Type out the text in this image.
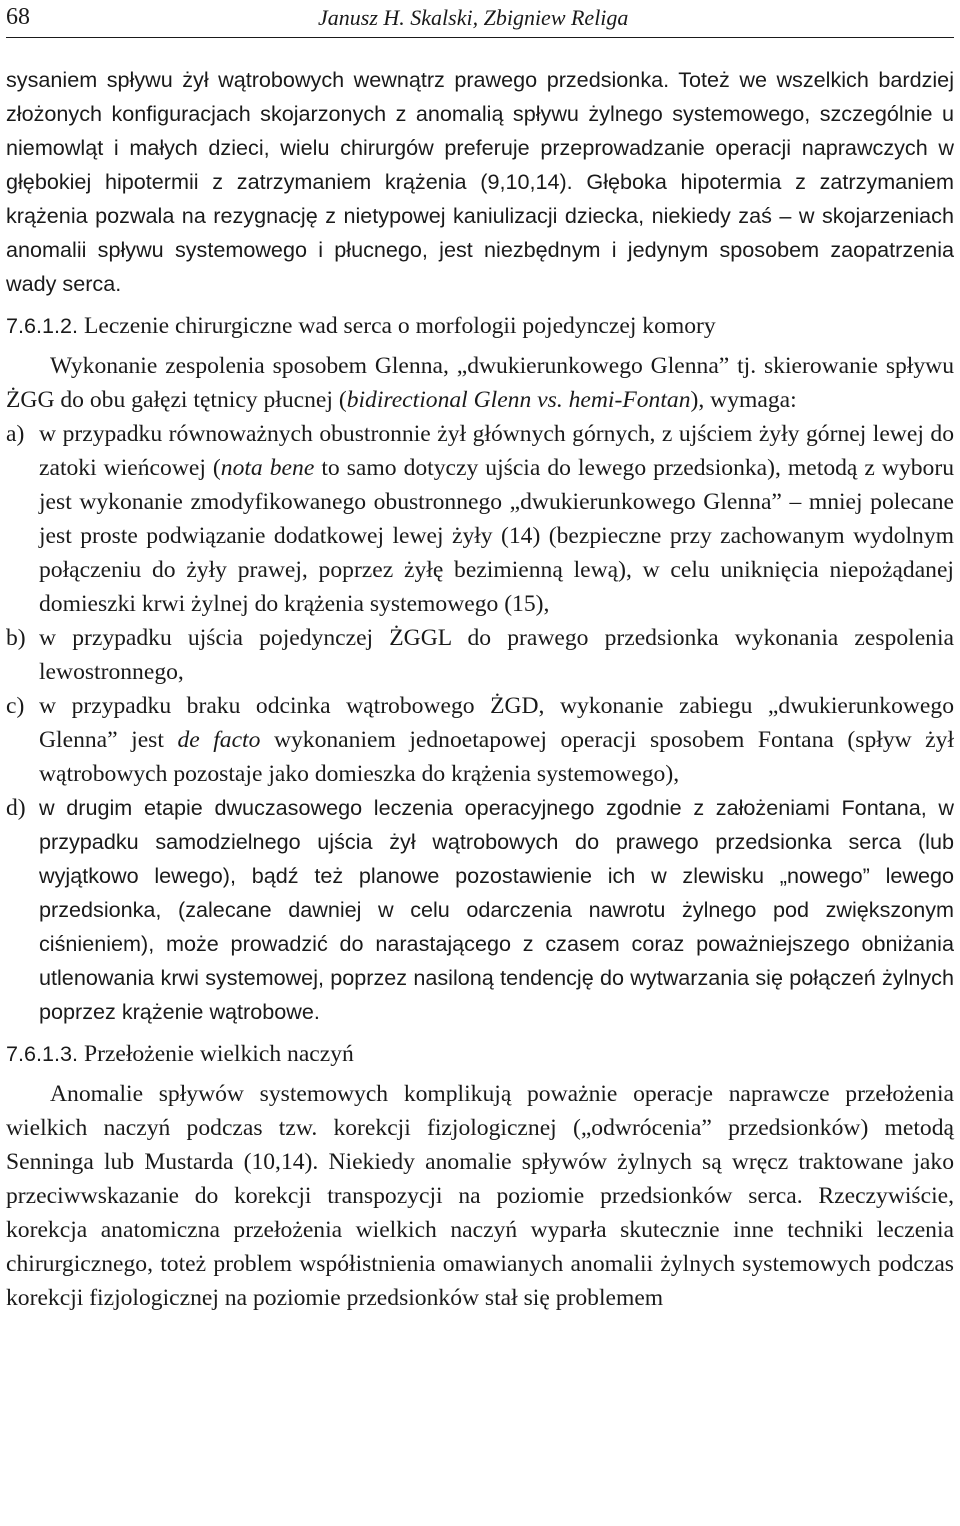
68	Janusz H. Skalski, Zbigniew Religa

sysaniem spływu żył wątrobowych wewnątrz prawego przedsionka. Toteż we wszelkich bardziej złożonych konfiguracjach skojarzonych z anomalią spływu żylnego systemowego, szczególnie u niemowląt i małych dzieci, wielu chirurgów preferuje przeprowadzanie operacji naprawczych w głębokiej hipotermii z zatrzymaniem krążenia (9,10,14). Głęboka hipotermia z zatrzymaniem krążenia pozwala na rezygnację z nietypowej kaniulizacji dziecka, niekiedy zaś – w skojarzeniach anomalii spływu systemowego i płucnego, jest niezbędnym i jedynym sposobem zaopatrzenia wady serca.

7.6.1.2. Leczenie chirurgiczne wad serca o morfologii pojedynczej komory

Wykonanie zespolenia sposobem Glenna, „dwukierunkowego Glenna” tj. skierowanie spływu ŻGG do obu gałęzi tętnicy płucnej (bidirectional Glenn vs. hemi-Fontan), wymaga:

a) w przypadku równoważnych obustronnie żył głównych górnych, z ujściem żyły górnej lewej do zatoki wieńcowej (nota bene to samo dotyczy ujścia do lewego przedsionka), metodą z wyboru jest wykonanie zmodyfikowanego obustronnego „dwukierunkowego Glenna” – mniej polecane jest proste podwiązanie dodatkowej lewej żyły (14) (bezpieczne przy zachowanym wydolnym połączeniu do żyły prawej, poprzez żyłę bezimienną lewą), w celu uniknięcia niepożądanej domieszki krwi żylnej do krążenia systemowego (15),
b) w przypadku ujścia pojedynczej ŻGGL do prawego przedsionka wykonania zespolenia lewostronnego,
c) w przypadku braku odcinka wątrobowego ŻGD, wykonanie zabiegu „dwukierunkowego Glenna” jest de facto wykonaniem jednoetapowej operacji sposobem Fontana (spływ żył wątrobowych pozostaje jako domieszka do krążenia systemowego),
d) w drugim etapie dwuczasowego leczenia operacyjnego zgodnie z założeniami Fontana, w przypadku samodzielnego ujścia żył wątrobowych do prawego przedsionka serca (lub wyjątkowo lewego), bądź też planowe pozostawienie ich w zlewisku „nowego” lewego przedsionka, (zalecane dawniej w celu odarczenia nawrotu żylnego pod zwiększonym ciśnieniem), może prowadzić do narastającego z czasem coraz poważniejszego obniżania utlenowania krwi systemowej, poprzez nasiloną tendencję do wytwarzania się połączeń żylnych poprzez krążenie wątrobowe.

7.6.1.3. Przełożenie wielkich naczyń

Anomalie spływów systemowych komplikują poważnie operacje naprawcze przełożenia wielkich naczyń podczas tzw. korekcji fizjologicznej („odwrócenia” przedsionków) metodą Senninga lub Mustarda (10,14). Niekiedy anomalie spływów żylnych są wręcz traktowane jako przeciwwskazanie do korekcji transpozycji na poziomie przedsionków serca. Rzeczywiście, korekcja anatomiczna przełożenia wielkich naczyń wyparła skutecznie inne techniki leczenia chirurgicznego, toteż problem współistnienia omawianych anomalii żylnych systemowych podczas korekcji fizjologicznej na poziomie przedsionków stał się problemem
